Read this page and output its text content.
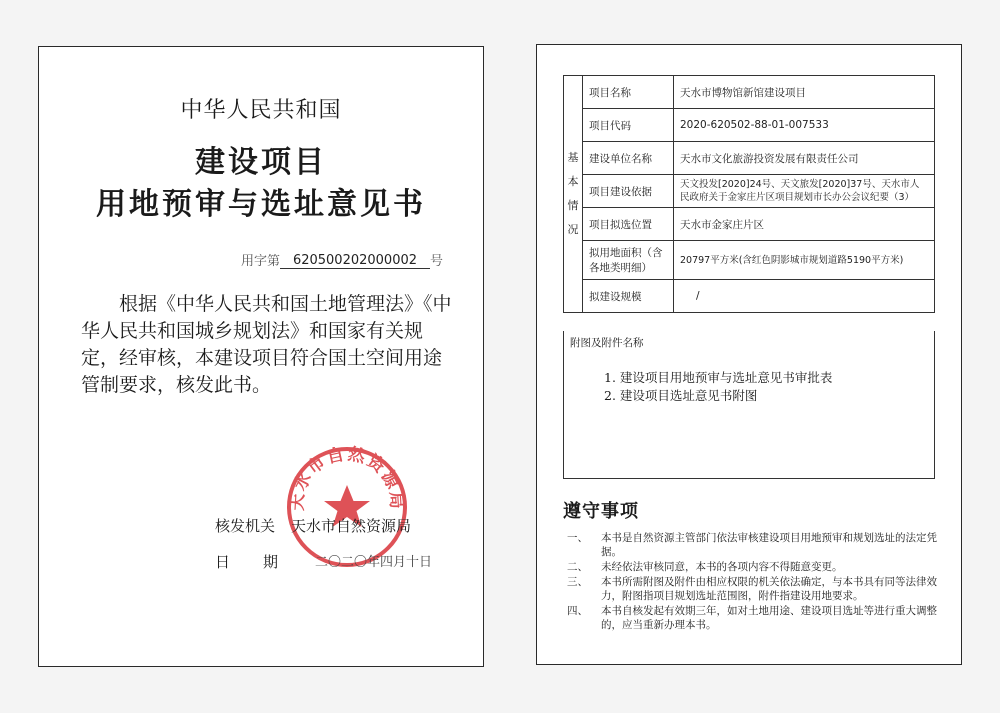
中华人民共和国
建设项目
用地预审与选址意见书
用字第 620500202000002 号
根据《中华人民共和国土地管理法》《中华人民共和国城乡规划法》和国家有关规定，经审核，本建设项目符合国土空间用途管制要求，核发此书。
天水市自然资源局
核发机关 天水市自然资源局
日	期	二〇二〇年四月十日
基
本
情
况	项目名称	天水市博物馆新馆建设项目
	项目代码	2020-620502-88-01-007533
	建设单位名称	天水市文化旅游投资发展有限责任公司
	项目建设依据	天文投发[2020]24号、天文旅发[2020]37号、天水市人民政府关于金家庄片区项目规划市长办公会议纪要（3）
	项目拟选位置	天水市金家庄片区
	拟用地面积（含各地类明细）	20797平方米(含红色阴影城市规划道路5190平方米)
	拟建设规模	/
附图及附件名称
1. 建设项目用地预审与选址意见书审批表
2. 建设项目选址意见书附图
遵守事项
一、	本书是自然资源主管部门依法审核建设项目用地预审和规划选址的法定凭据。
二、	未经依法审核同意，本书的各项内容不得随意变更。
三、	本书所需附图及附件由相应权限的机关依法确定，与本书具有同等法律效力，附图指项目规划选址范围图，附件指建设用地要求。
四、	本书自核发起有效期三年，如对土地用途、建设项目选址等进行重大调整的，应当重新办理本书。
